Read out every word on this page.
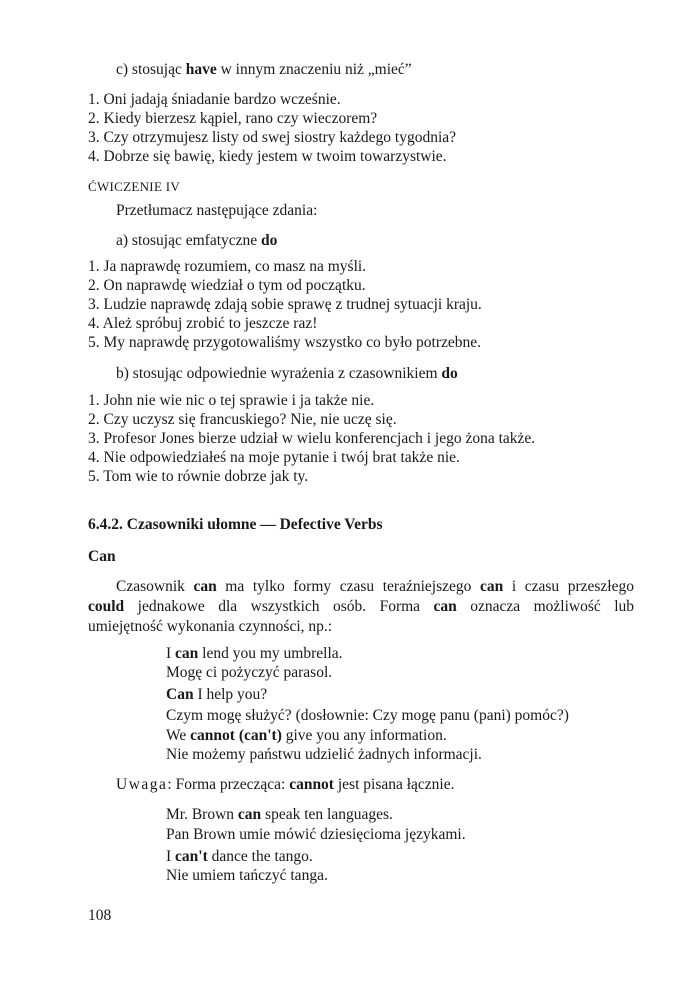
c) stosując have w innym znaczeniu niż „mieć”
1. Oni jadają śniadanie bardzo wcześnie.
2. Kiedy bierzesz kąpiel, rano czy wieczorem?
3. Czy otrzymujesz listy od swej siostry każdego tygodnia?
4. Dobrze się bawię, kiedy jestem w twoim towarzystwie.
ĆWICZENIE IV
Przetłumacz następujące zdania:
a) stosując emfatyczne do
1. Ja naprawdę rozumiem, co masz na myśli.
2. On naprawdę wiedział o tym od początku.
3. Ludzie naprawdę zdają sobie sprawę z trudnej sytuacji kraju.
4. Ależ spróbuj zrobić to jeszcze raz!
5. My naprawdę przygotowaliśmy wszystko co było potrzebne.
b) stosując odpowiednie wyrażenia z czasownikiem do
1. John nie wie nic o tej sprawie i ja także nie.
2. Czy uczysz się francuskiego? Nie, nie uczę się.
3. Profesor Jones bierze udział w wielu konferencjach i jego żona także.
4. Nie odpowiedziałeś na moje pytanie i twój brat także nie.
5. Tom wie to równie dobrze jak ty.
6.4.2. Czasowniki ułomne — Defective Verbs
Can
Czasownik can ma tylko formy czasu teraźniejszego can i czasu przeszłego
could jednakowe dla wszystkich osób. Forma can oznacza możliwość lub
umiejętność wykonania czynności, np.:
I can lend you my umbrella.
Mogę ci pożyczyć parasol.
Can I help you?
Czym mogę służyć? (dosłownie: Czy mogę panu (pani) pomóc?)
We cannot (can't) give you any information.
Nie możemy państwu udzielić żadnych informacji.
Uwaga: Forma przecząca: cannot jest pisana łącznie.
Mr. Brown can speak ten languages.
Pan Brown umie mówić dziesięcioma językami.
I can't dance the tango.
Nie umiem tańczyć tanga.
108
